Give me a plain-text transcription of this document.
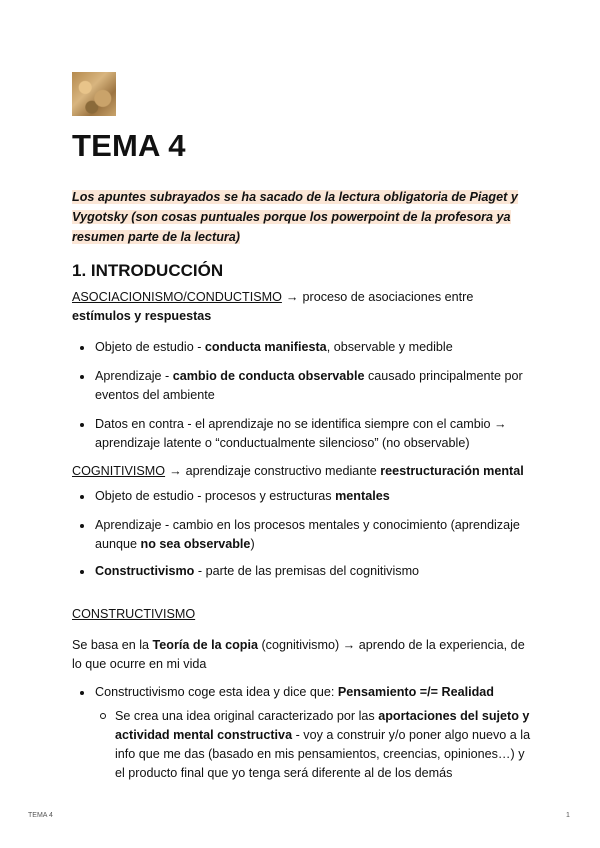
TEMA 4
Los apuntes subrayados se ha sacado de la lectura obligatoria de Piaget y Vygotsky (son cosas puntuales porque los powerpoint de la profesora ya resumen parte de la lectura)
1. INTRODUCCIÓN
ASOCIACIONISMO/CONDUCTISMO → proceso de asociaciones entre estímulos y respuestas
Objeto de estudio - conducta manifiesta, observable y medible
Aprendizaje - cambio de conducta observable causado principalmente por eventos del ambiente
Datos en contra - el aprendizaje no se identifica siempre con el cambio → aprendizaje latente o “conductualmente silencioso” (no observable)
COGNITIVISMO → aprendizaje constructivo mediante reestructuración mental
Objeto de estudio - procesos y estructuras mentales
Aprendizaje - cambio en los procesos mentales y conocimiento (aprendizaje aunque no sea observable)
Constructivismo - parte de las premisas del cognitivismo
CONSTRUCTIVISMO
Se basa en la Teoría de la copia (cognitivismo) → aprendo de la experiencia, de lo que ocurre en mi vida
Constructivismo coge esta idea y dice que: Pensamiento =/= Realidad
Se crea una idea original caracterizado por las aportaciones del sujeto y actividad mental constructiva - voy a construir y/o poner algo nuevo a la info que me das (basado en mis pensamientos, creencias, opiniones…) y el producto final que yo tenga será diferente al de los demás
TEMA 4	1
